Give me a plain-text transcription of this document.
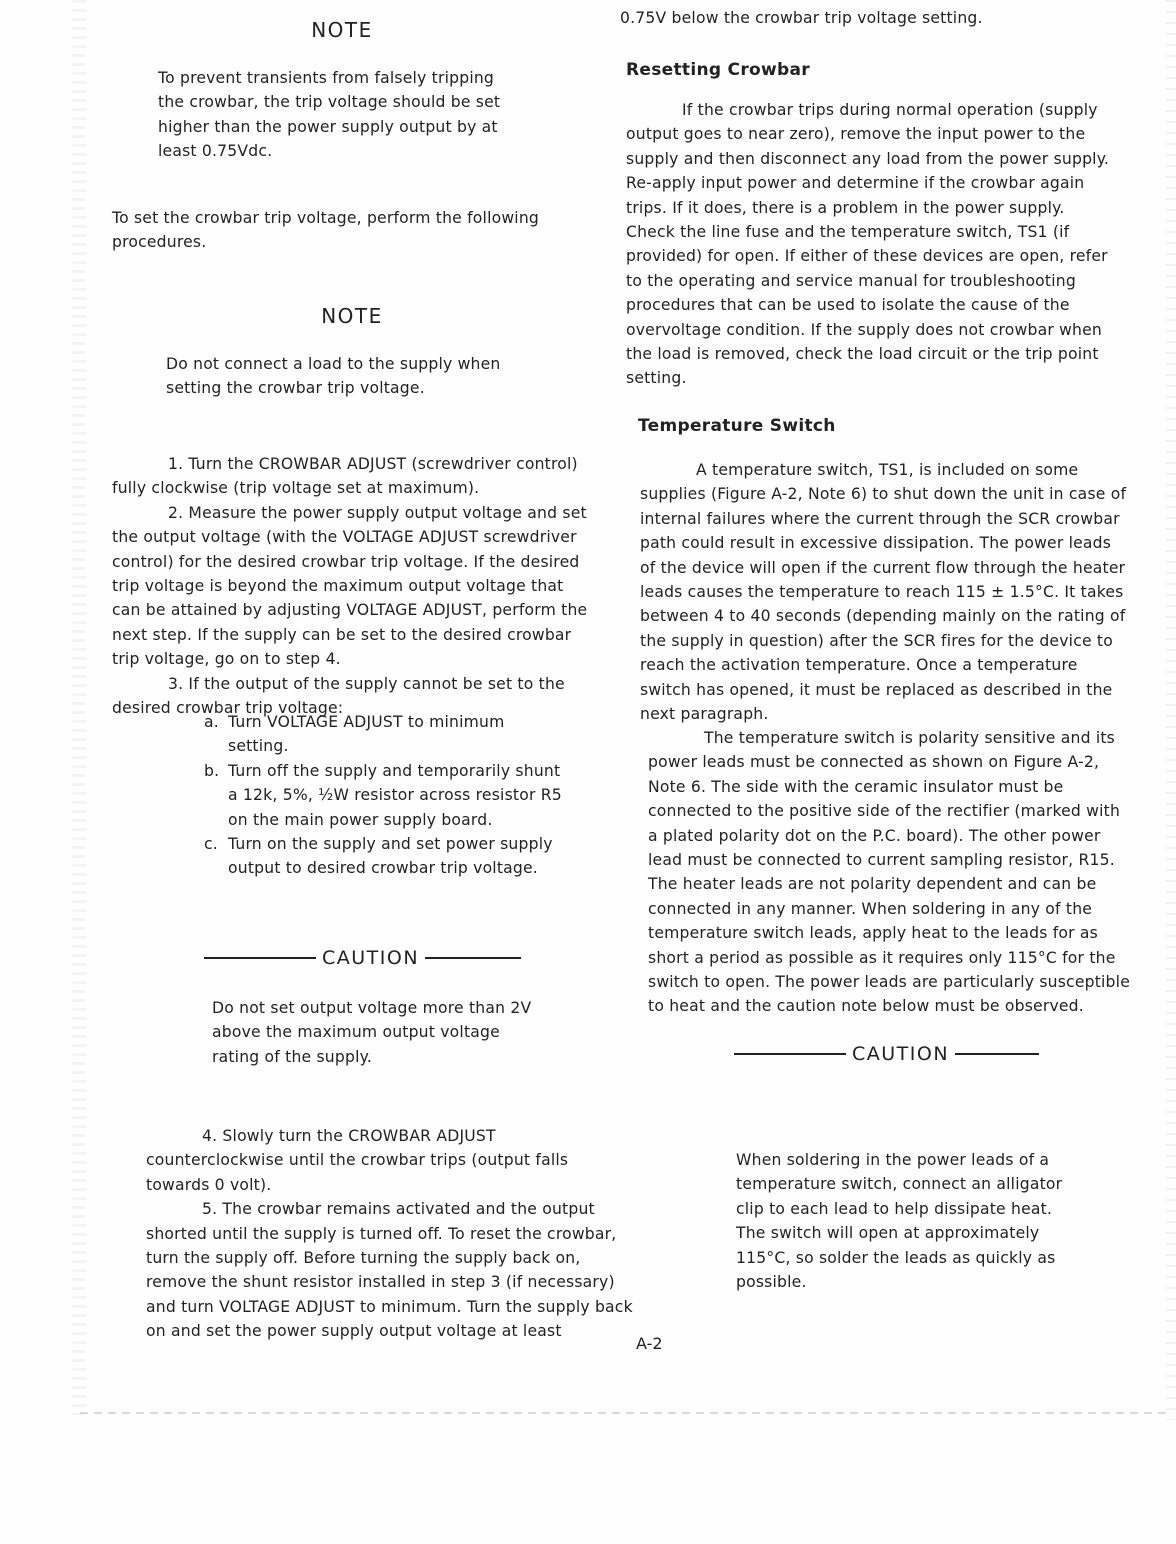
NOTE

To prevent transients from falsely tripping the crowbar, the trip voltage should be set higher than the power supply output by at least 0.75Vdc.

To set the crowbar trip voltage, perform the following procedures.

NOTE

Do not connect a load to the supply when setting the crowbar trip voltage.

1. Turn the CROWBAR ADJUST (screwdriver control) fully clockwise (trip voltage set at maximum).

2. Measure the power supply output voltage and set the output voltage (with the VOLTAGE ADJUST screwdriver control) for the desired crowbar trip voltage. If the desired trip voltage is beyond the maximum output voltage that can be attained by adjusting VOLTAGE ADJUST, perform the next step. If the supply can be set to the desired crowbar trip voltage, go on to step 4.

3. If the output of the supply cannot be set to the desired crowbar trip voltage:

a. Turn VOLTAGE ADJUST to minimum setting.
b. Turn off the supply and temporarily shunt a 12k, 5%, ½W resistor across resistor R5 on the main power supply board.
c. Turn on the supply and set power supply output to desired crowbar trip voltage.
CAUTION

Do not set output voltage more than 2V above the maximum output voltage rating of the supply.

4. Slowly turn the CROWBAR ADJUST counterclockwise until the crowbar trips (output falls towards 0 volt).

5. The crowbar remains activated and the output shorted until the supply is turned off. To reset the crowbar, turn the supply off. Before turning the supply back on, remove the shunt resistor installed in step 3 (if necessary) and turn VOLTAGE ADJUST to minimum. Turn the supply back on and set the power supply output voltage at least

0.75V below the crowbar trip voltage setting.

Resetting Crowbar

If the crowbar trips during normal operation (supply output goes to near zero), remove the input power to the supply and then disconnect any load from the power supply. Re-apply input power and determine if the crowbar again trips. If it does, there is a problem in the power supply. Check the line fuse and the temperature switch, TS1 (if provided) for open. If either of these devices are open, refer to the operating and service manual for troubleshooting procedures that can be used to isolate the cause of the overvoltage condition. If the supply does not crowbar when the load is removed, check the load circuit or the trip point setting.

Temperature Switch

A temperature switch, TS1, is included on some supplies (Figure A-2, Note 6) to shut down the unit in case of internal failures where the current through the SCR crowbar path could result in excessive dissipation. The power leads of the device will open if the current flow through the heater leads causes the temperature to reach 115 ± 1.5°C. It takes between 4 to 40 seconds (depending mainly on the rating of the supply in question) after the SCR fires for the device to reach the activation temperature. Once a temperature switch has opened, it must be replaced as described in the next paragraph.

The temperature switch is polarity sensitive and its power leads must be connected as shown on Figure A-2, Note 6. The side with the ceramic insulator must be connected to the positive side of the rectifier (marked with a plated polarity dot on the P.C. board). The other power lead must be connected to current sampling resistor, R15. The heater leads are not polarity dependent and can be connected in any manner. When soldering in any of the temperature switch leads, apply heat to the leads for as short a period as possible as it requires only 115°C for the switch to open. The power leads are particularly susceptible to heat and the caution note below must be observed.

CAUTION

When soldering in the power leads of a temperature switch, connect an alligator clip to each lead to help dissipate heat. The switch will open at approximately 115°C, so solder the leads as quickly as possible.

A-2
